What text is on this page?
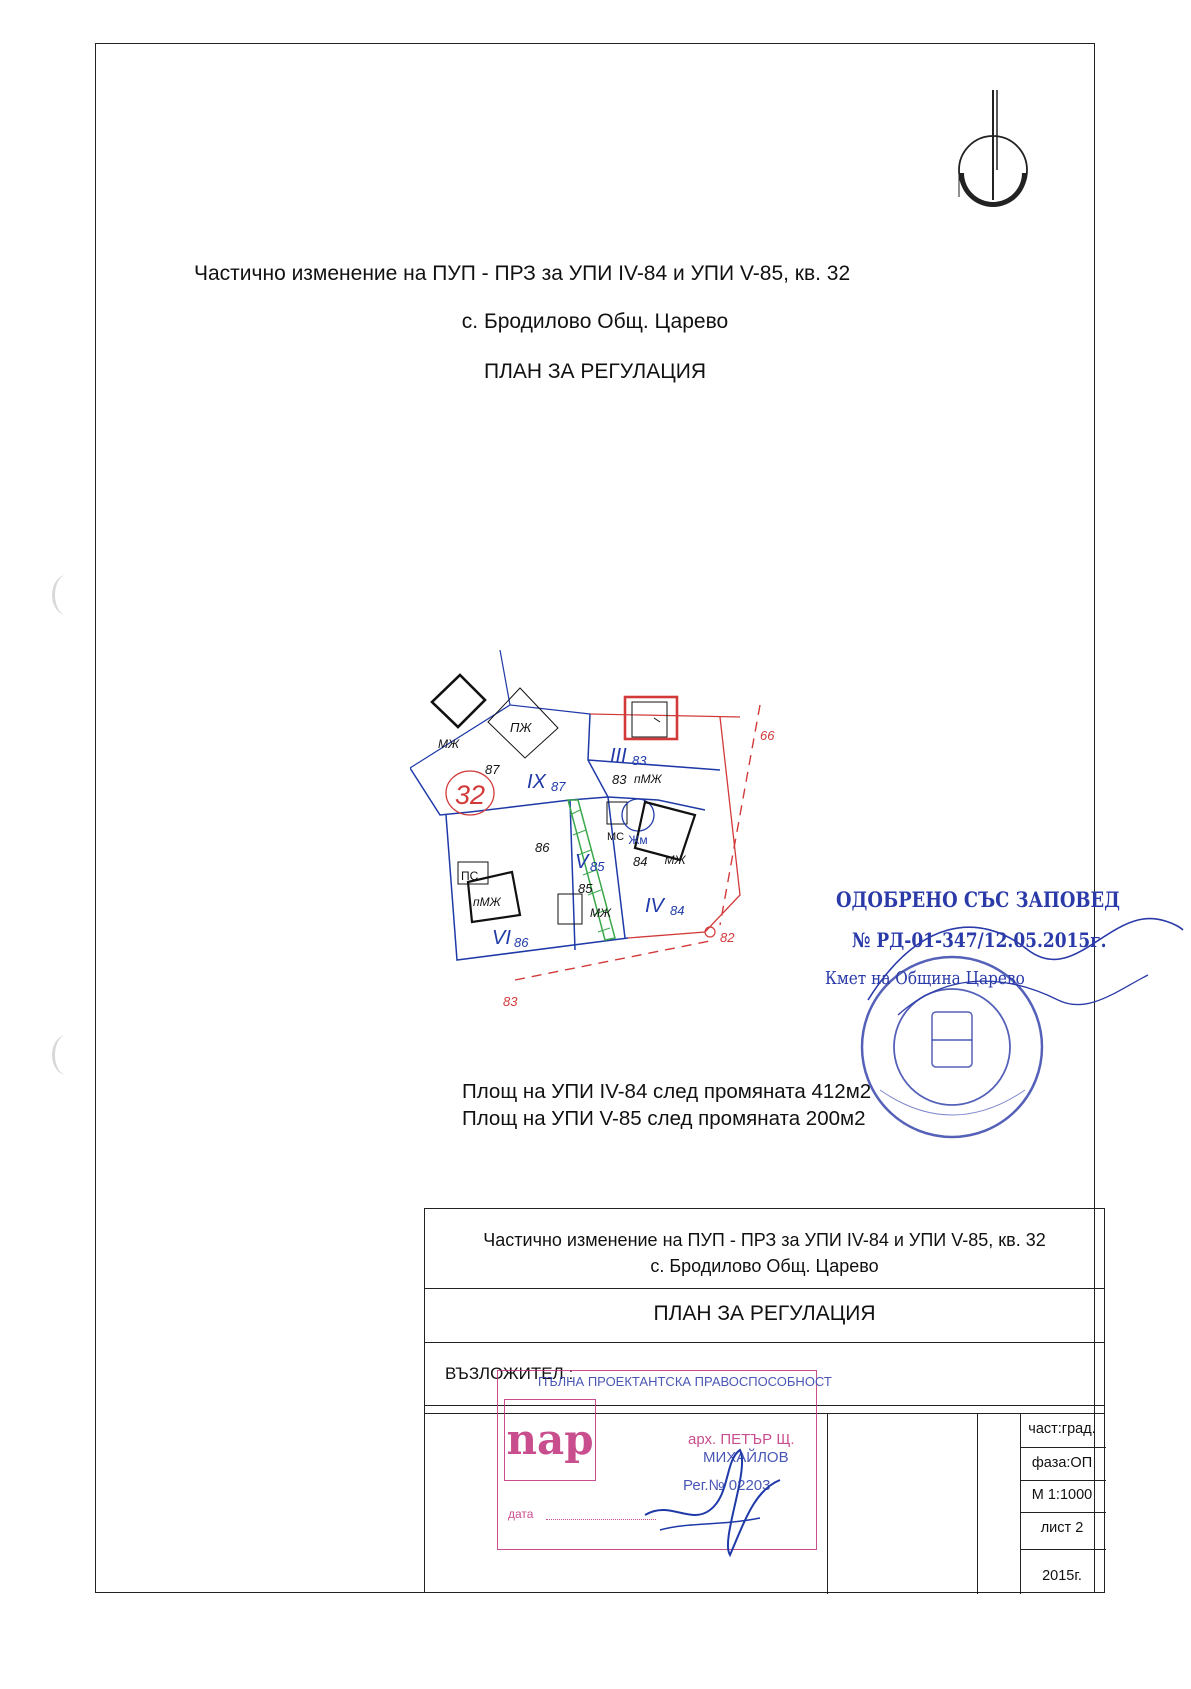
Частично изменение на ПУП - ПРЗ за УПИ IV-84 и УПИ V-85, кв. 32
с. Бродилово Общ. Царево
ПЛАН ЗА РЕГУЛАЦИЯ
32
МЖ
ПЖ
87
IX 87
III 83
83 пМЖ
МС Жм
МЖ
84
V 85
85
МЖ IV 84
86
ПС
пМЖ
VI 86
66
82
83
ОДОБРЕНО СЪС ЗАПОВЕД
№ РД-01-347/12.05.2015г.
Кмет на Община Царево
Площ на УПИ IV-84 след промяната 412м2
Площ на УПИ V-85 след промяната 200м2
Частично изменение на ПУП - ПРЗ за УПИ IV-84 и УПИ V-85, кв. 32
с. Бродилово Общ. Царево
ПЛАН ЗА РЕГУЛАЦИЯ
ВЪЗЛОЖИТЕЛ :
част:град.
фаза:ОП
М 1:1000
лист 2
2015г.
ПЪЛНА ПРОЕКТАНТСКА ПРАВОСПОСОБНОСТ
nap	арх. ПЕТЪР Щ.
МИХАЙЛОВ
Рег.№ 02203
дата
